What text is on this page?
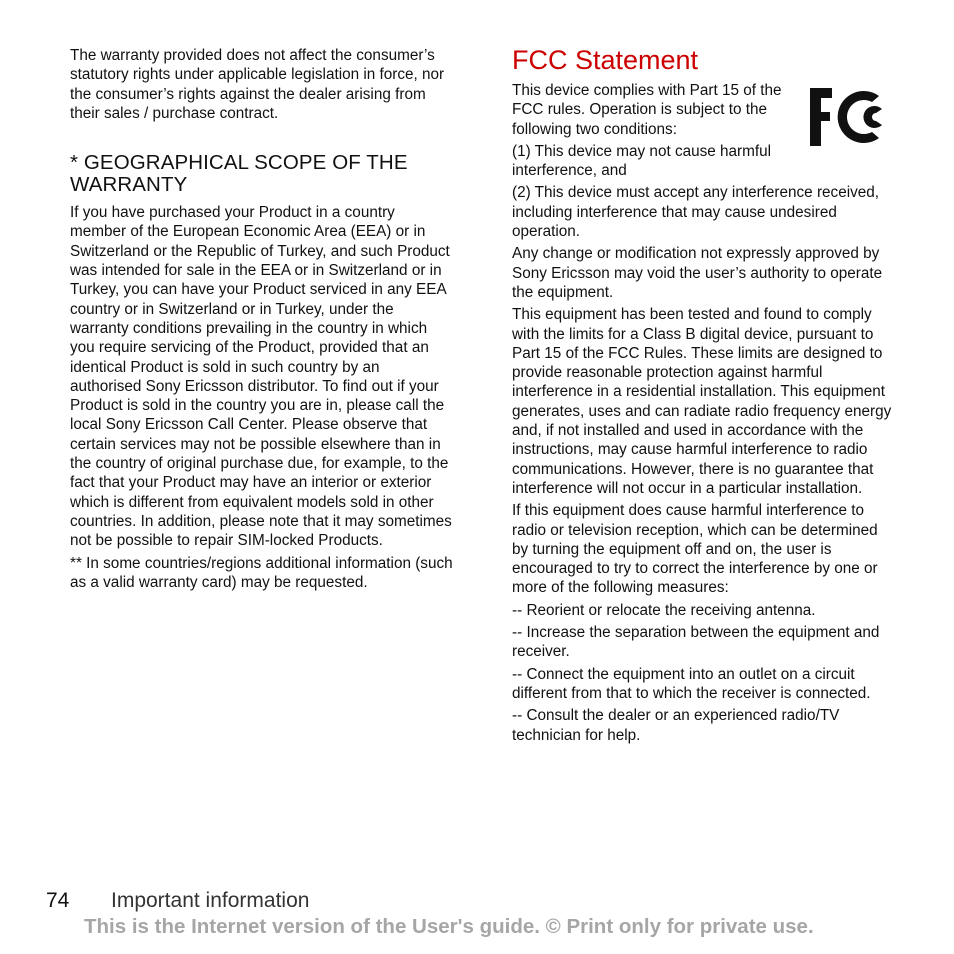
The warranty provided does not affect the consumer’s statutory rights under applicable legislation in force, nor the consumer’s rights against the dealer arising from their sales / purchase contract.

* GEOGRAPHICAL SCOPE OF THE WARRANTY

If you have purchased your Product in a country member of the European Economic Area (EEA) or in Switzerland or the Republic of Turkey, and such Product was intended for sale in the EEA or in Switzerland or in Turkey, you can have your Product serviced in any EEA country or in Switzerland or in Turkey, under the warranty conditions prevailing in the country in which you require servicing of the Product, provided that an identical Product is sold in such country by an authorised Sony Ericsson distributor. To find out if your Product is sold in the country you are in, please call the local Sony Ericsson Call Center. Please observe that certain services may not be possible elsewhere than in the country of original purchase due, for example, to the fact that your Product may have an interior or exterior which is different from equivalent models sold in other countries. In addition, please note that it may sometimes not be possible to repair SIM-locked Products.

** In some countries/regions additional information (such as a valid warranty card) may be requested.

FCC Statement

This device complies with Part 15 of the FCC rules. Operation is subject to the following two conditions:

(1) This device may not cause harmful interference, and

(2) This device must accept any interference received, including interference that may cause undesired operation.

Any change or modification not expressly approved by Sony Ericsson may void the user’s authority to operate the equipment.

This equipment has been tested and found to comply with the limits for a Class B digital device, pursuant to Part 15 of the FCC Rules. These limits are designed to provide reasonable protection against harmful interference in a residential installation. This equipment generates, uses and can radiate radio frequency energy and, if not installed and used in accordance with the instructions, may cause harmful interference to radio communications. However, there is no guarantee that interference will not occur in a particular installation.

If this equipment does cause harmful interference to radio or television reception, which can be determined by turning the equipment off and on, the user is encouraged to try to correct the interference by one or more of the following measures:

-- Reorient or relocate the receiving antenna.

-- Increase the separation between the equipment and receiver.

-- Connect the equipment into an outlet on a circuit different from that to which the receiver is connected.

-- Consult the dealer or an experienced radio/TV technician for help.

74 Important information
This is the Internet version of the User's guide. © Print only for private use.
